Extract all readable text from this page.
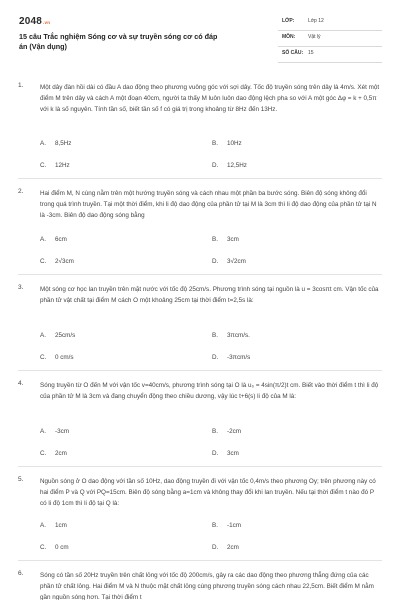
2048.vn
15 câu Trắc nghiệm Sóng cơ và sự truyền sóng cơ có đáp án (Vận dụng)
LỚP:	Lớp 12
MÔN:	Vật lý
SỐ CÂU: 15
1.	Một dây đàn hồi dài có đầu A dao động theo phương vuông góc với sợi dây. Tốc độ truyền sóng trên dây là 4m/s. Xét một điểm M trên dây và cách A một đoạn 40cm, người ta thấy M luôn luôn dao động lệch pha so với A một góc Δφ = k + 0,5π với k là số nguyên. Tính tần số, biết tần số f có giá trị trong khoảng từ 8Hz đến 13Hz.
A. 8,5Hz	B. 10Hz
C. 12Hz	D. 12,5Hz
2.	Hai điểm M, N cùng nằm trên một hướng truyền sóng và cách nhau một phần ba bước sóng. Biên độ sóng không đổi trong quá trình truyền. Tại một thời điểm, khi li độ dao động của phần tử tại M là 3cm thì li độ dao động của phần tử tại N là -3cm. Biên độ dao động sóng bằng
A. 6cm	B. 3cm
C. 2√3cm	D. 3√2cm
3.	Một sóng cơ học lan truyền trên mặt nước với tốc độ 25cm/s. Phương trình sóng tại nguồn là u = 3cosπt cm. Vận tốc của phần tử vật chất tại điểm M cách O một khoảng 25cm tại thời điểm t=2,5s là:
A. 25cm/s	B. 3πcm/s.
C. 0 cm/s	D. -3πcm/s
4.	Sóng truyền từ O đến M với vận tốc v=40cm/s, phương trình sóng tại O là u₀ = 4sin(π/2)t cm. Biết vào thời điểm t thì li độ của phần tử M là 3cm và đang chuyển động theo chiều dương, vậy lúc t+6(s) li độ của M là:
A. -3cm	B. -2cm
C. 2cm	D. 3cm
5.	Nguồn sóng ở O dao động với tần số 10Hz, dao động truyền đi với vận tốc 0,4m/s theo phương Oy; trên phương này có hai điểm P và Q với PQ=15cm. Biên độ sóng bằng a=1cm và không thay đổi khi lan truyền. Nếu tại thời điểm t nào đó P có li độ 1cm thì li độ tại Q là:
A. 1cm	B. -1cm
C. 0 cm	D. 2cm
6.	Sóng có tần số 20Hz truyền trên chất lỏng với tốc độ 200cm/s, gây ra các dao động theo phương thẳng đứng của các phần tử chất lỏng. Hai điểm M và N thuộc mặt chất lỏng cùng phương truyền sóng cách nhau 22,5cm. Biết điểm M nằm gần nguồn sóng hơn. Tại thời điểm t
